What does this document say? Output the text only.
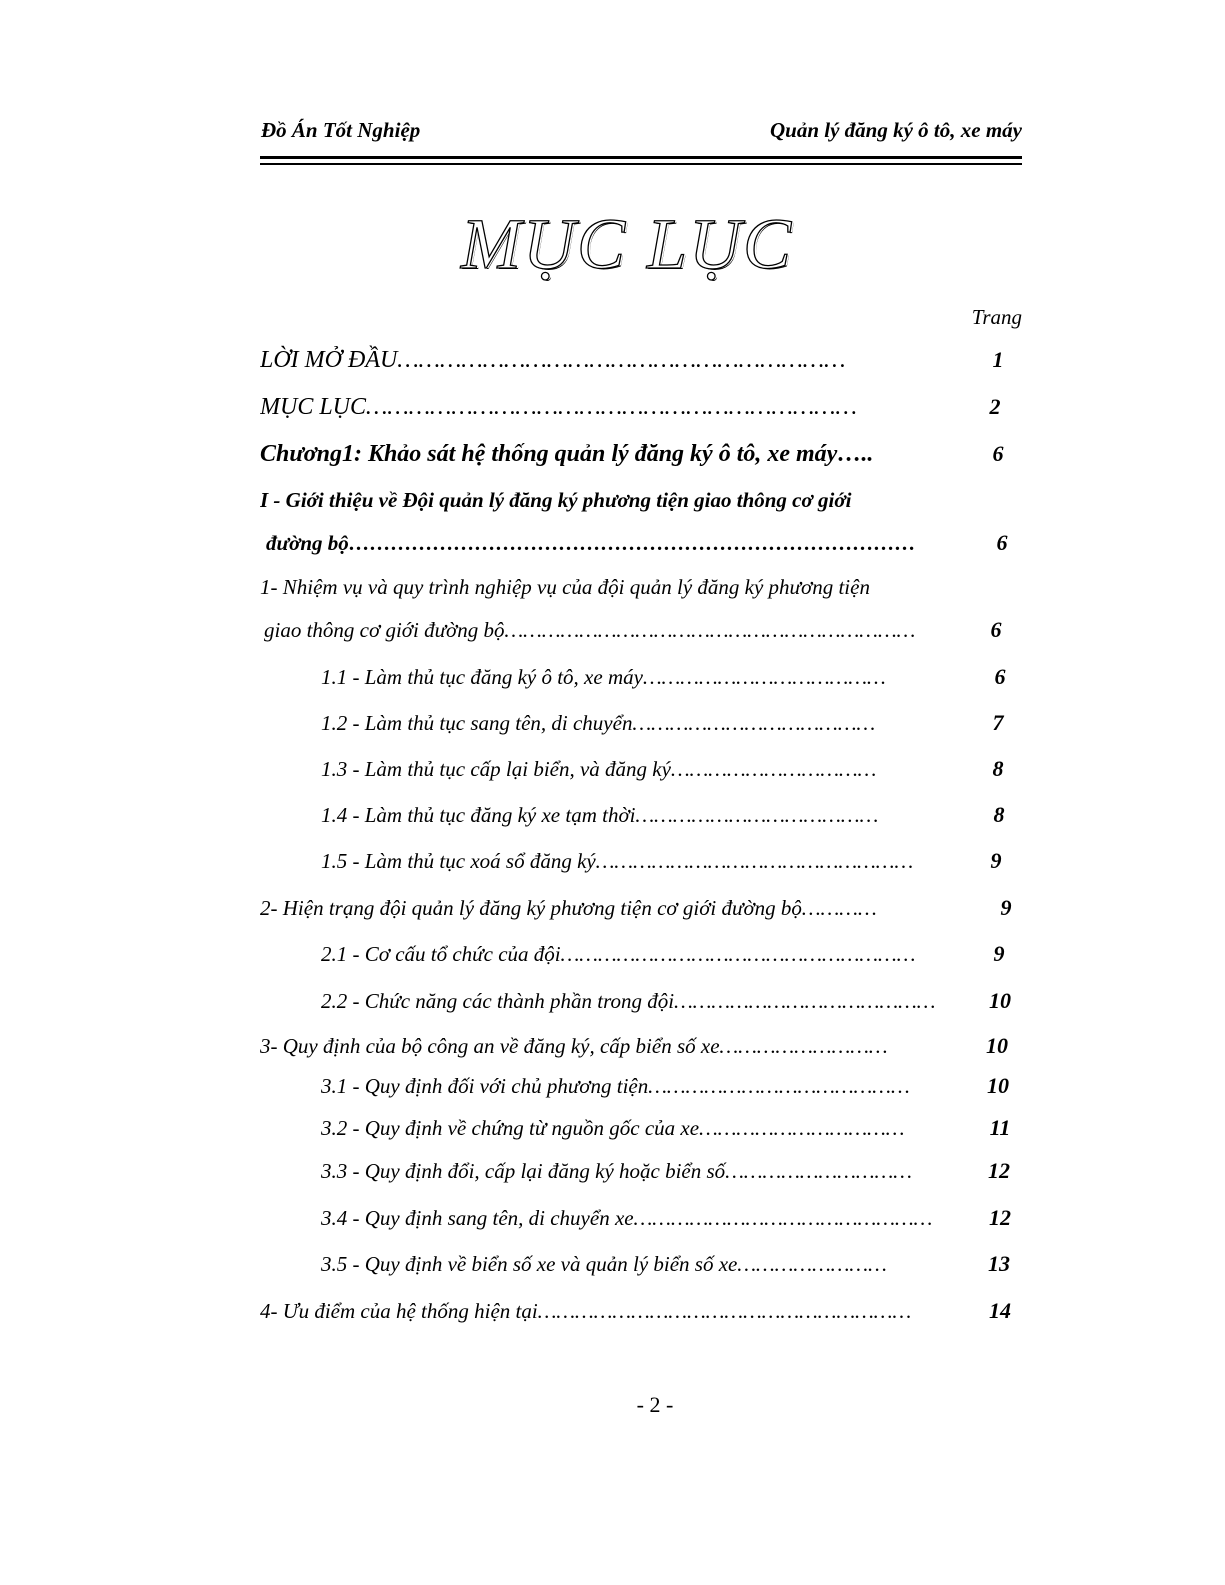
Đồ Án Tốt Nghiệp	Quản lý đăng ký ô tô, xe máy
MỤC LỤC
Trang
LỜI MỞ ĐẦU………………………………………………………	1
MỤC LỤC……………………………………………………………	2
Chương1: Khảo sát hệ thống quản lý đăng ký ô tô, xe máy…..	6
I - Giới thiệu về Đội quản lý đăng ký phương tiện giao thông cơ giới
đường bộ………………………………………………………………………	6
1- Nhiệm vụ và quy trình nghiệp vụ của đội quản lý đăng ký phương tiện
giao thông cơ giới đường bộ…………………………………………………………	6
1.1 - Làm thủ tục đăng ký ô tô, xe máy…………………………………	6
1.2 - Làm thủ tục sang tên, di chuyển…………………………………	7
1.3 - Làm thủ tục cấp lại biển, và đăng ký……………………………	8
1.4 - Làm thủ tục đăng ký xe tạm thời…………………………………	8
1.5 - Làm thủ tục xoá sổ đăng ký……………………………………………	9
2- Hiện trạng đội quản lý đăng ký phương tiện cơ giới đường bộ…………	9
2.1 - Cơ cấu tổ chức của đội…………………………………………………	9
2.2 - Chức năng các thành phần trong đội……………………………………	10
3- Quy định của bộ công an về đăng ký, cấp biển số xe………………………	10
3.1 - Quy định đối với chủ phương tiện……………………………………	10
3.2 - Quy định về chứng từ nguồn gốc của xe……………………………	11
3.3 - Quy định đổi, cấp lại đăng ký hoặc biển số…………………………	12
3.4 - Quy định sang tên, di chuyển xe…………………………………………	12
3.5 - Quy định về biển số xe và quản lý biển số xe……………………	13
4- Ưu điểm của hệ thống hiện tại……………………………………………………	14
- 2 -
